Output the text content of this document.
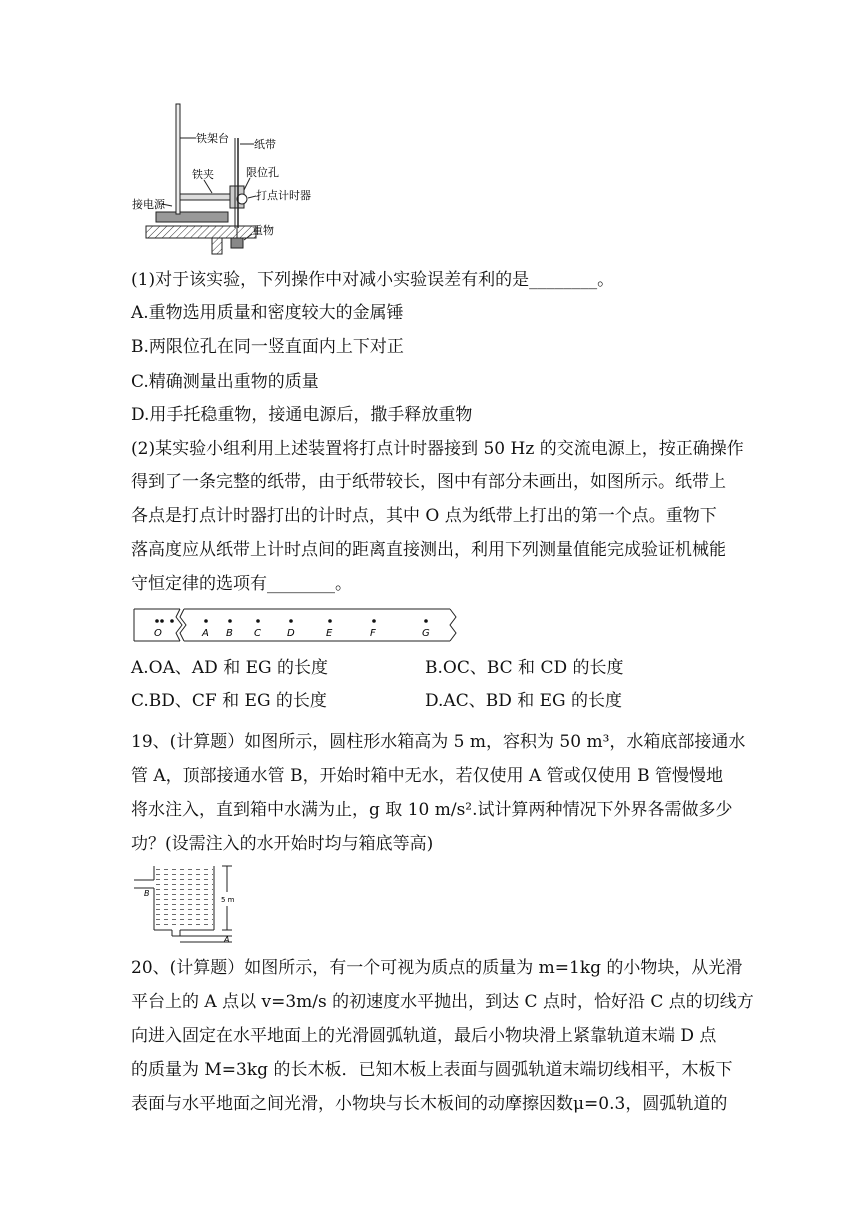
铁架台 纸带
铁夹	限位孔
打点计时器
接电源
重物
(1)对于该实验，下列操作中对减小实验误差有利的是________。
A.重物选用质量和密度较大的金属锤
B.两限位孔在同一竖直面内上下对正
C.精确测量出重物的质量
D.用手托稳重物，接通电源后，撒手释放重物
(2)某实验小组利用上述装置将打点计时器接到 50 Hz 的交流电源上，按正确操作
得到了一条完整的纸带，由于纸带较长，图中有部分未画出，如图所示。纸带上
各点是打点计时器打出的计时点，其中 O 点为纸带上打出的第一个点。重物下
落高度应从纸带上计时点间的距离直接测出，利用下列测量值能完成验证机械能
守恒定律的选项有________。
O	A B C	D	E	F	G
A.OA、AD 和 EG 的长度	B.OC、BC 和 CD 的长度
C.BD、CF 和 EG 的长度	D.AC、BD 和 EG 的长度
19、(计算题）如图所示，圆柱形水箱高为 5 m，容积为 50 m³，水箱底部接通水
管 A，顶部接通水管 B，开始时箱中无水，若仅使用 A 管或仅使用 B 管慢慢地
将水注入，直到箱中水满为止，g 取 10 m/s².试计算两种情况下外界各需做多少
功？(设需注入的水开始时均与箱底等高)
B
A
5 m
20、(计算题）如图所示，有一个可视为质点的质量为 m=1kg 的小物块，从光滑
平台上的 A 点以 v=3m/s 的初速度水平抛出，到达 C 点时，恰好沿 C 点的切线方
向进入固定在水平地面上的光滑圆弧轨道，最后小物块滑上紧靠轨道末端 D 点
的质量为 M=3kg 的长木板．已知木板上表面与圆弧轨道末端切线相平，木板下
表面与水平地面之间光滑，小物块与长木板间的动摩擦因数μ=0.3，圆弧轨道的
